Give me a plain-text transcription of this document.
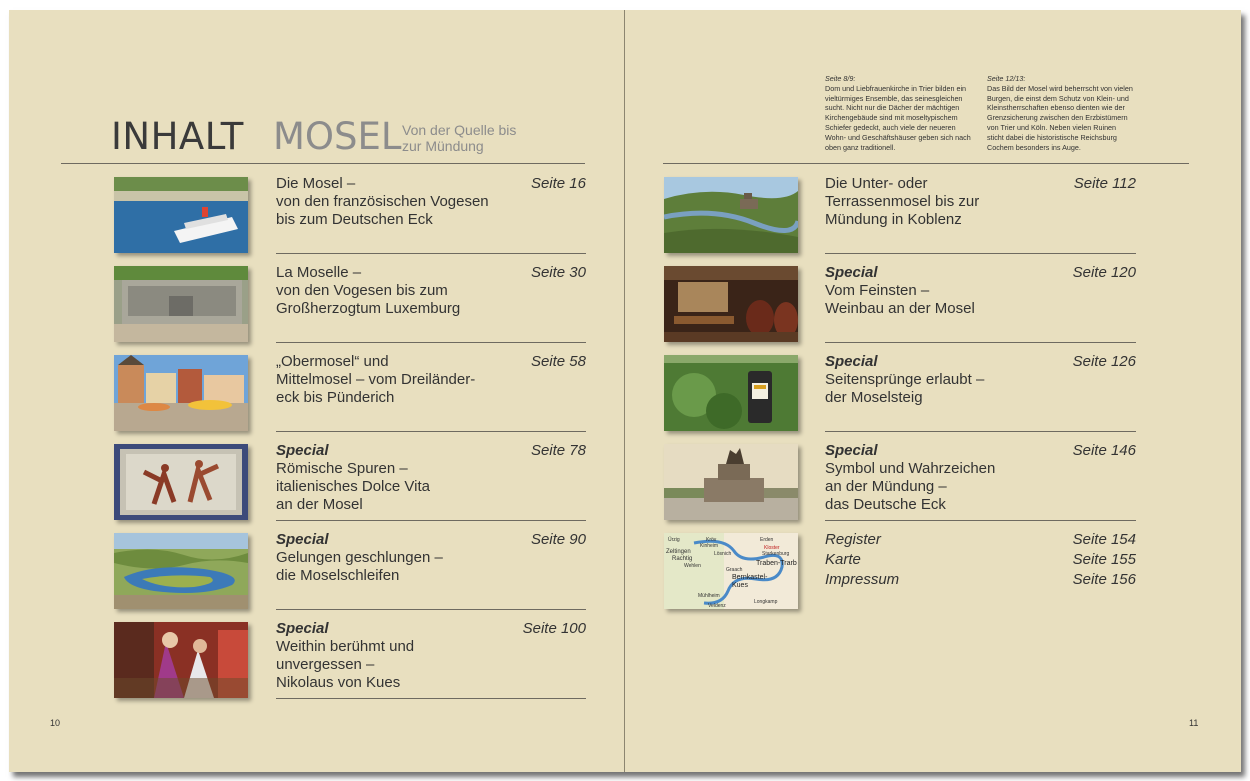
INHALT MOSEL Von der Quelle bis
zur Mündung
Seite 8/9:
Dom und Liebfrauenkirche in Trier bilden ein
vieltürmiges Ensemble, das seinesgleichen
sucht. Nicht nur die Dächer der mächtigen
Kirchengebäude sind mit moseltypischem
Schiefer gedeckt, auch viele der neueren
Wohn- und Geschäftshäuser geben sich nach
oben ganz traditionell.
Seite 12/13:
Das Bild der Mosel wird beherrscht von vielen
Burgen, die einst dem Schutz von Klein- und
Kleinstherrschaften ebenso dienten wie der
Grenzsicherung zwischen den Erzbistümern
von Trier und Köln. Neben vielen Ruinen
sticht dabei die historistische Reichsburg
Cochem besonders ins Auge.
Die Mosel –
von den französischen Vogesen
bis zum Deutschen Eck
Seite 16
La Moselle –
von den Vogesen bis zum
Großherzogtum Luxemburg
Seite 30
„Obermosel“ und
Mittelmosel – vom Dreiländer-
eck bis Pünderich
Seite 58
Special
Römische Spuren –
italienisches Dolce Vita
an der Mosel
Seite 78
Special
Gelungen geschlungen –
die Moselschleifen
Seite 90
Special
Weithin berühmt und
unvergessen –
Nikolaus von Kues
Seite 100
Die Unter- oder
Terrassenmosel bis zur
Mündung in Koblenz
Seite 112
Special
Vom Feinsten –
Weinbau an der Mosel
Seite 120
Special
Seitensprünge erlaubt –
der Moselsteig
Seite 126
Special
Symbol und Wahrzeichen
an der Mündung –
das Deutsche Eck
Seite 146
Ürzig	Kröv	Erden
Kinheim
Zeltingen
Rachtig
Lösnich
Kloster
Starkenburg
Wehlen	Traben-Trarb
Graach
Bernkastel-
Kues
Mühlheim
Longkamp
Veldenz
Register	Seite 154
Karte	Seite 155
Impressum	Seite 156
10	11
